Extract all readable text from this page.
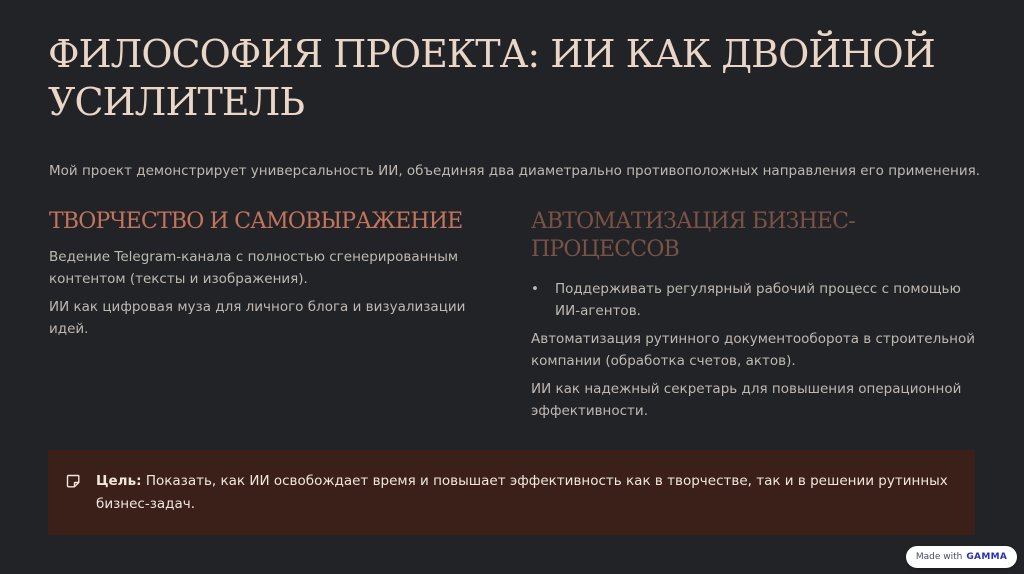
ФИЛОСОФИЯ ПРОЕКТА: ИИ КАК ДВОЙНОЙ УСИЛИТЕЛЬ

Мой проект демонстрирует универсальность ИИ, объединяя два диаметрально противоположных направления его применения.

ТВОРЧЕСТВО И САМОВЫРАЖЕНИЕ

Ведение Telegram-канала с полностью сгенерированным контентом (тексты и изображения).

ИИ как цифровая муза для личного блога и визуализации идей.

АВТОМАТИЗАЦИЯ БИЗНЕС-ПРОЦЕССОВ
• Поддерживать регулярный рабочий процесс с помощью ИИ-агентов.

Автоматизация рутинного документооборота в строительной компании (обработка счетов, актов).

ИИ как надежный секретарь для повышения операционной эффективности.

Цель: Показать, как ИИ освобождает время и повышает эффективность как в творчестве, так и в решении рутинных бизнес-задач.

Made with GAMMA
